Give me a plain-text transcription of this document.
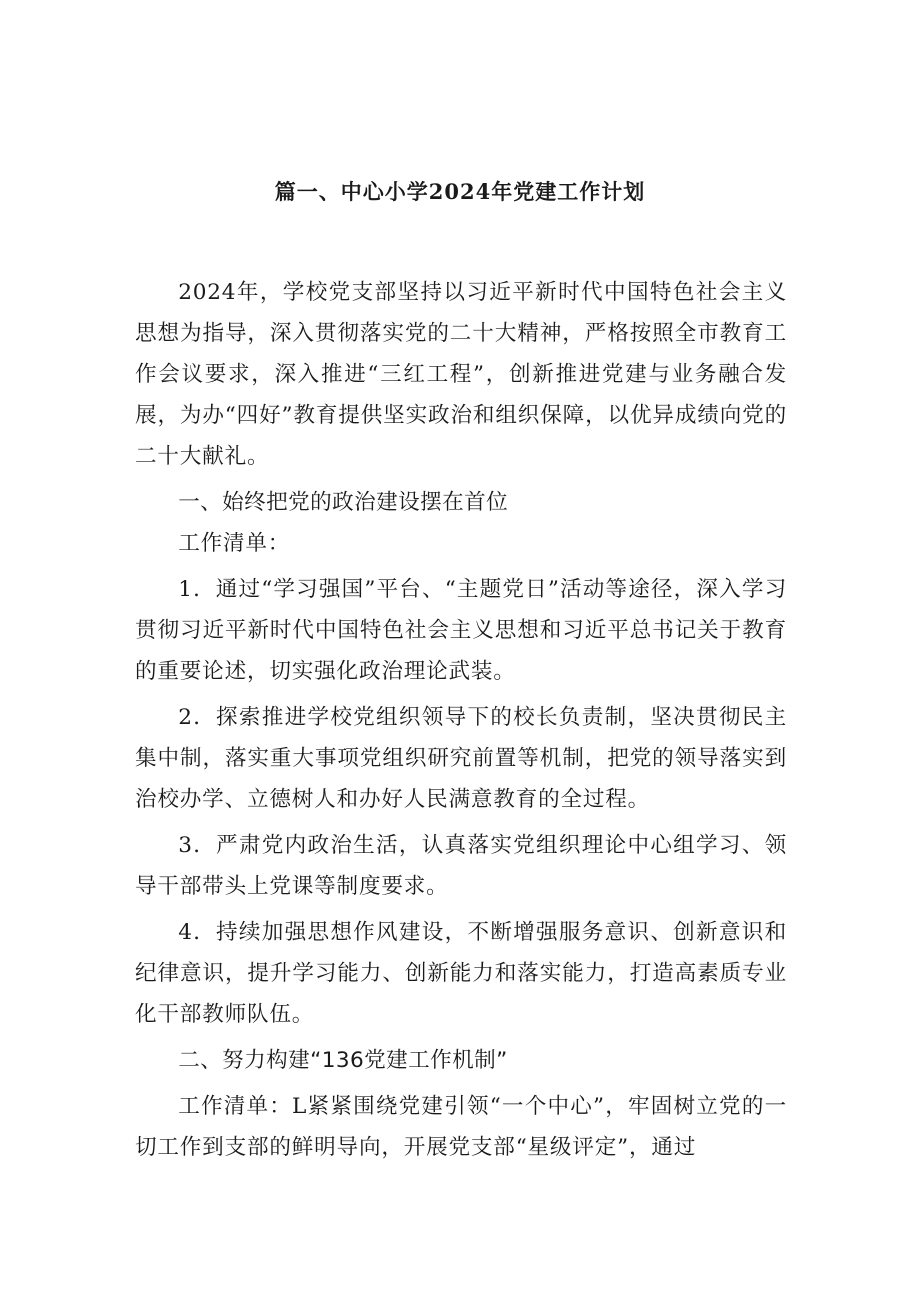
篇一、中心小学2024年党建工作计划

2024年，学校党支部坚持以习近平新时代中国特色社会主义思想为指导，深入贯彻落实党的二十大精神，严格按照全市教育工作会议要求，深入推进“三红工程”，创新推进党建与业务融合发展，为办“四好”教育提供坚实政治和组织保障，以优异成绩向党的二十大献礼。

一、始终把党的政治建设摆在首位

工作清单：

1．通过“学习强国”平台、“主题党日”活动等途径，深入学习贯彻习近平新时代中国特色社会主义思想和习近平总书记关于教育的重要论述，切实强化政治理论武装。

2．探索推进学校党组织领导下的校长负责制，坚决贯彻民主集中制，落实重大事项党组织研究前置等机制，把党的领导落实到治校办学、立德树人和办好人民满意教育的全过程。

3．严肃党内政治生活，认真落实党组织理论中心组学习、领导干部带头上党课等制度要求。

4．持续加强思想作风建设，不断增强服务意识、创新意识和纪律意识，提升学习能力、创新能力和落实能力，打造高素质专业化干部教师队伍。

二、努力构建“136党建工作机制”

工作清单：L紧紧围绕党建引领“一个中心”，牢固树立党的一切工作到支部的鲜明导向，开展党支部“星级评定”，通过
